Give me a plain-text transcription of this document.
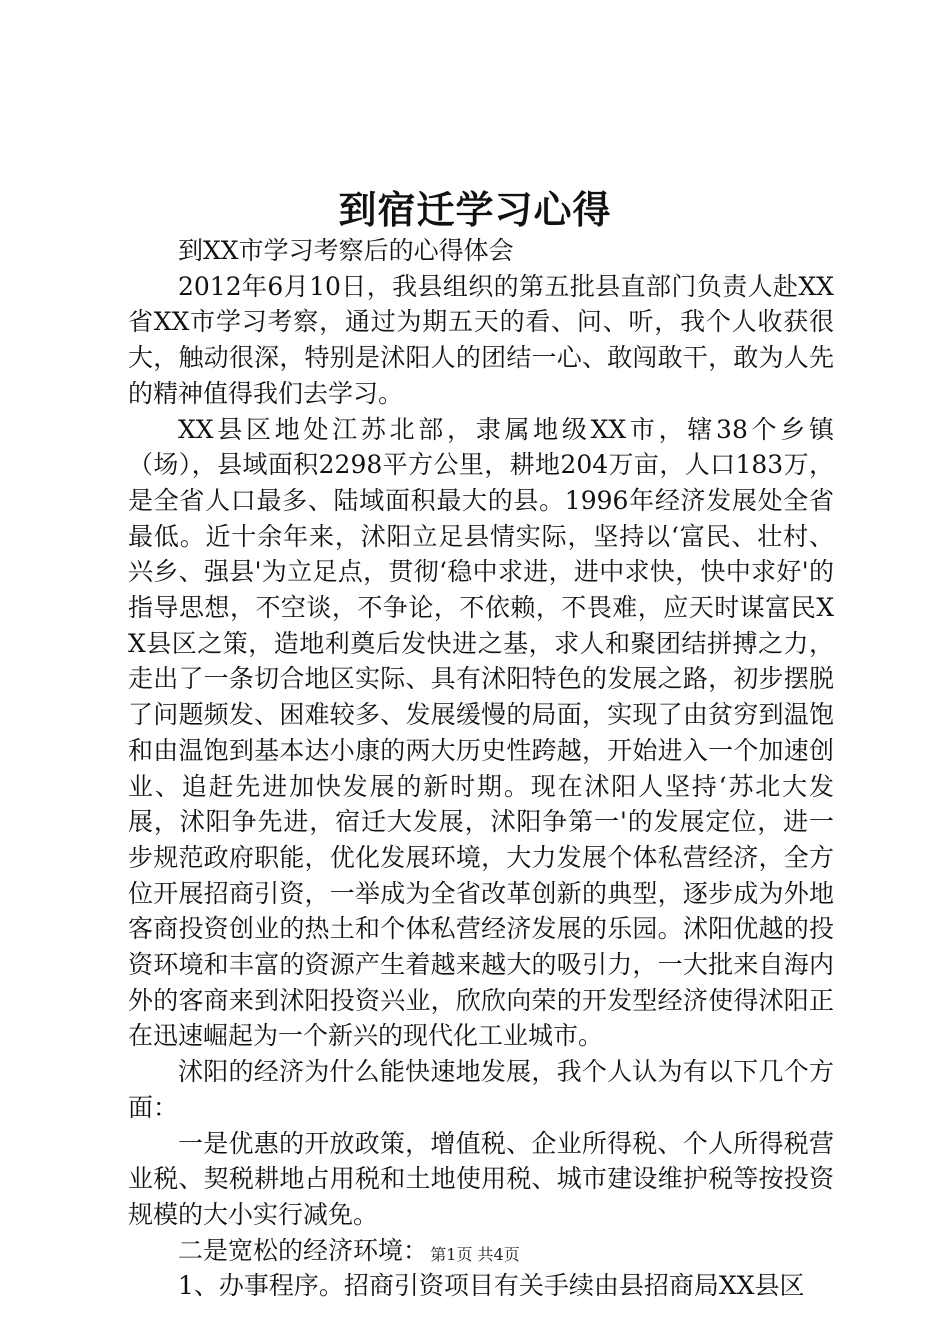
到宿迁学习心得

到XX市学习考察后的心得体会

2012年6月10日，我县组织的第五批县直部门负责人赴XX省XX市学习考察，通过为期五天的看、问、听，我个人收获很大，触动很深，特别是沭阳人的团结一心、敢闯敢干，敢为人先的精神值得我们去学习。

XX县区地处江苏北部，隶属地级XX市，辖38个乡镇（场），县域面积2298平方公里，耕地204万亩，人口183万，是全省人口最多、陆域面积最大的县。1996年经济发展处全省最低。近十余年来，沭阳立足县情实际，坚持以‘富民、壮村、兴乡、强县'为立足点，贯彻‘稳中求进，进中求快，快中求好'的指导思想，不空谈，不争论，不依赖，不畏难，应天时谋富民XX县区之策，造地利奠后发快进之基，求人和聚团结拼搏之力，走出了一条切合地区实际、具有沭阳特色的发展之路，初步摆脱了问题频发、困难较多、发展缓慢的局面，实现了由贫穷到温饱和由温饱到基本达小康的两大历史性跨越，开始进入一个加速创业、追赶先进加快发展的新时期。现在沭阳人坚持‘苏北大发展，沭阳争先进，宿迁大发展，沭阳争第一'的发展定位，进一步规范政府职能，优化发展环境，大力发展个体私营经济，全方位开展招商引资，一举成为全省改革创新的典型，逐步成为外地客商投资创业的热土和个体私营经济发展的乐园。沭阳优越的投资环境和丰富的资源产生着越来越大的吸引力，一大批来自海内外的客商来到沭阳投资兴业，欣欣向荣的开发型经济使得沭阳正在迅速崛起为一个新兴的现代化工业城市。

沭阳的经济为什么能快速地发展，我个人认为有以下几个方面：

一是优惠的开放政策，增值税、企业所得税、个人所得税营业税、契税耕地占用税和土地使用税、城市建设维护税等按投资规模的大小实行减免。

二是宽松的经济环境：

1、办事程序。招商引资项目有关手续由县招商局XX县区

第1页 共4页
